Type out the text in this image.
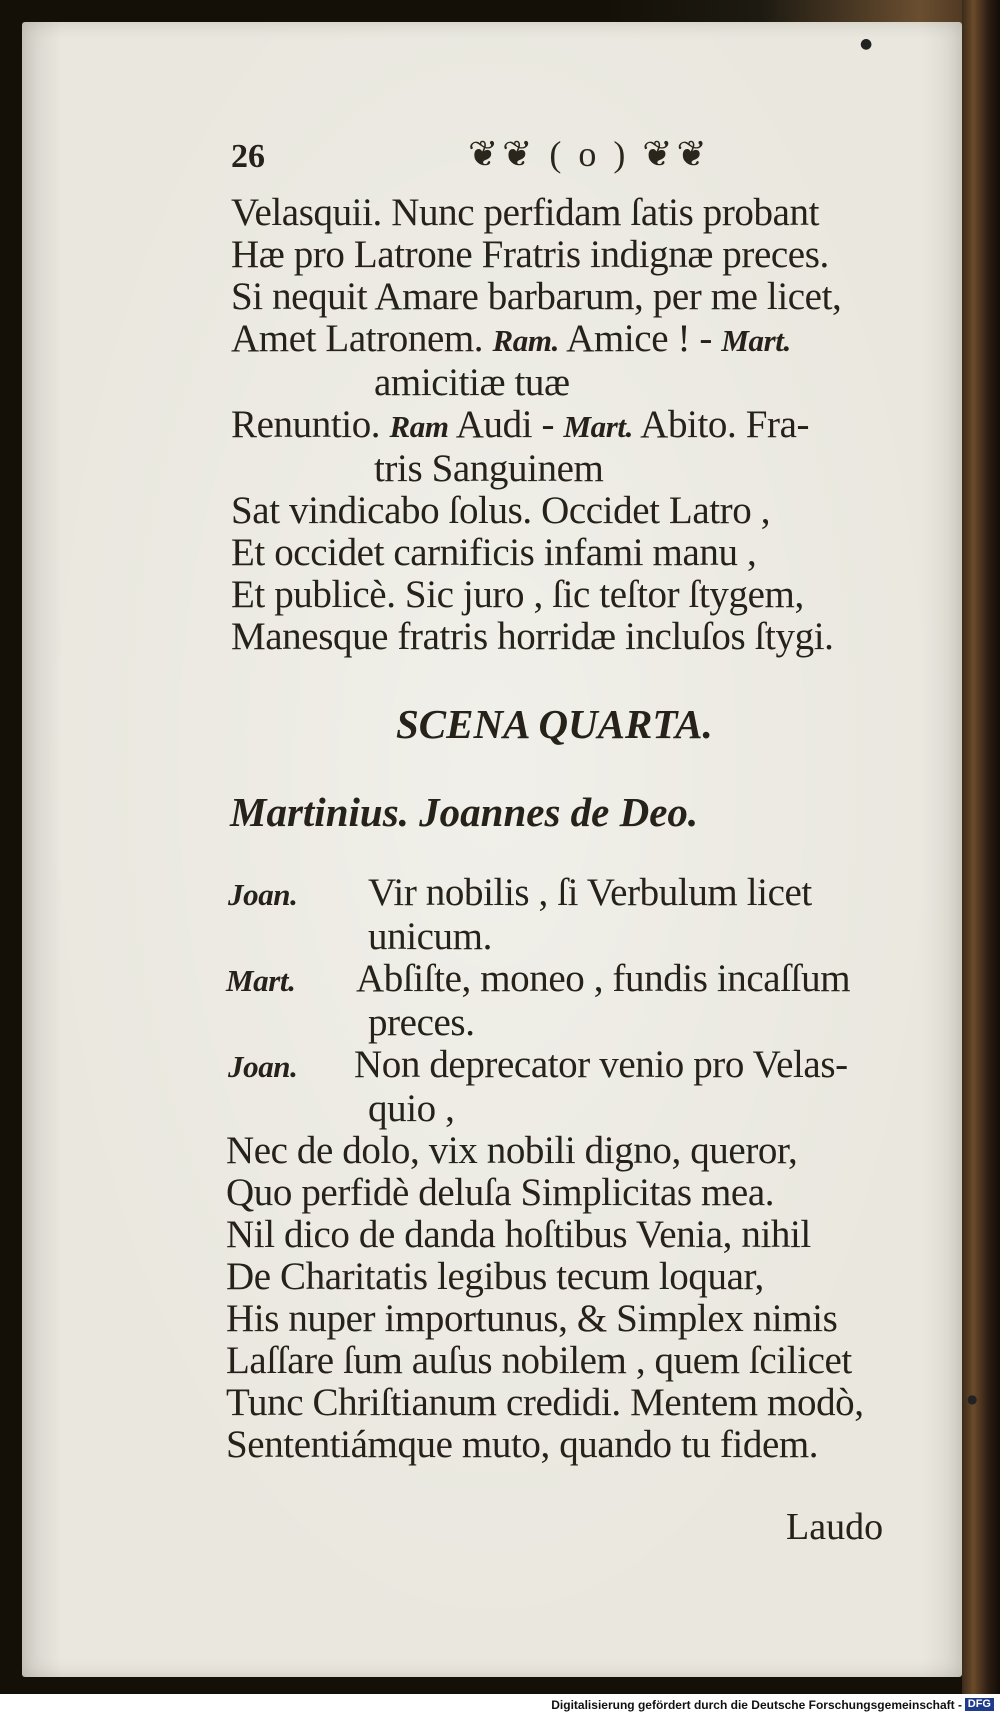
26	❦❦ ( o ) ❦❦
Velasquii. Nunc perfidam ſatis probant
Hæ pro Latrone Fratris indignæ preces.
Si nequit Amare barbarum, per me licet,
Amet Latronem. Ram. Amice ! - Mart.
amicitiæ tuæ
Renuntio. Ram Audi - Mart. Abito. Fra-
tris Sanguinem
Sat vindicabo ſolus. Occidet Latro ,
Et occidet carnificis infami manu ,
Et publicè. Sic juro , ſic teſtor ſtygem,
Manesque fratris horridæ incluſos ſtygi.
SCENA QUARTA.
Martinius. Joannes de Deo.
Joan. Vir nobilis , ſi Verbulum licet
unicum.
Mart. Abſiſte, moneo , fundis incaſſum
preces.
Joan. Non deprecator venio pro Velas-
quio ,
Nec de dolo, vix nobili digno, queror,
Quo perfidè deluſa Simplicitas mea.
Nil dico de danda hoſtibus Venia, nihil
De Charitatis legibus tecum loquar,
His nuper importunus, & Simplex nimis
Laſſare ſum auſus nobilem , quem ſcilicet
Tunc Chriſtianum credidi. Mentem modò,
Sententiámque muto, quando tu fidem.
Laudo
●
●
Digitalisierung gefördert durch die Deutsche Forschungsgemeinschaft - DFG
